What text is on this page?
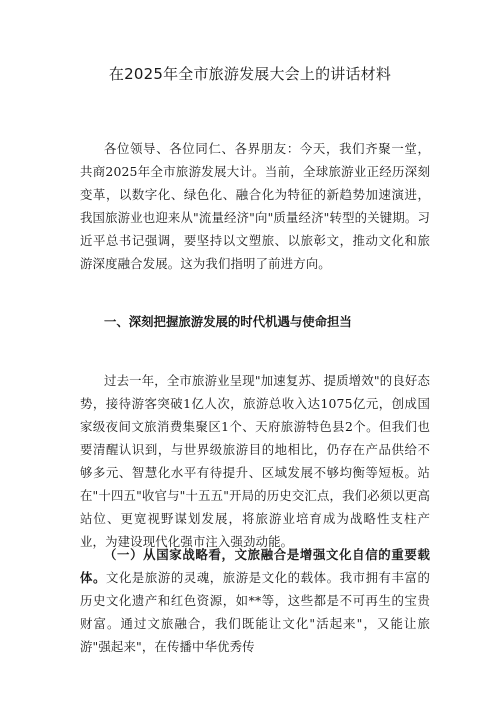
在2025年全市旅游发展大会上的讲话材料

各位领导、各位同仁、各界朋友：今天，我们齐聚一堂，共商2025年全市旅游发展大计。当前，全球旅游业正经历深刻变革，以数字化、绿色化、融合化为特征的新趋势加速演进，我国旅游业也迎来从"流量经济"向"质量经济"转型的关键期。习近平总书记强调，要坚持以文塑旅、以旅彰文，推动文化和旅游深度融合发展。这为我们指明了前进方向。

一、深刻把握旅游发展的时代机遇与使命担当

过去一年，全市旅游业呈现"加速复苏、提质增效"的良好态势，接待游客突破1亿人次，旅游总收入达1075亿元，创成国家级夜间文旅消费集聚区1个、天府旅游特色县2个。但我们也要清醒认识到，与世界级旅游目的地相比，仍存在产品供给不够多元、智慧化水平有待提升、区域发展不够均衡等短板。站在"十四五"收官与"十五五"开局的历史交汇点，我们必须以更高站位、更宽视野谋划发展，将旅游业培育成为战略性支柱产业，为建设现代化强市注入强劲动能。

（一）从国家战略看，文旅融合是增强文化自信的重要载体。文化是旅游的灵魂，旅游是文化的载体。我市拥有丰富的历史文化遗产和红色资源，如**等，这些都是不可再生的宝贵财富。通过文旅融合，我们既能让文化"活起来"，又能让旅游"强起来"，在传播中华优秀传
